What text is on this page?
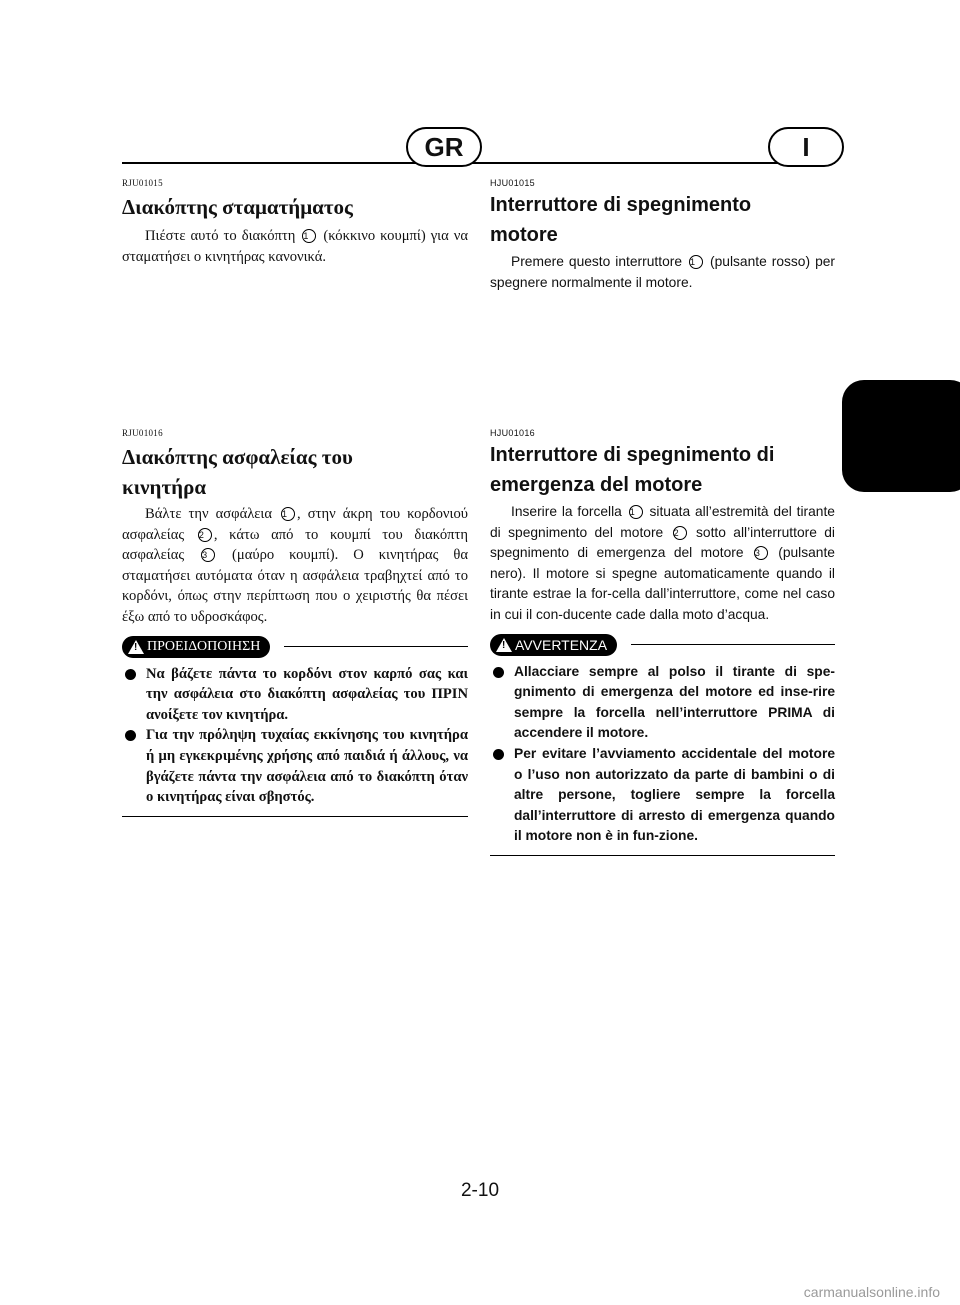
GR	I
RJU01015
Διακόπτης σταματήματος

Πιέστε αυτό το διακόπτη 1 (κόκκινο κουμπί) για να σταματήσει ο κινητήρας κανονικά.

HJU01015
Interruttore di spegnimento
motore

Premere questo interruttore 1 (pulsante rosso) per spegnere normalmente il motore.

RJU01016
Διακόπτης ασφαλείας του
κινητήρα

Βάλτε την ασφάλεια 1 , στην άκρη του κορδονιού ασφαλείας 2 , κάτω από το κουμπί του διακόπτη ασφαλείας 3 (μαύρο κουμπί). Ο κινητήρας θα σταματήσει αυτόματα όταν η ασφάλεια τραβηχτεί από το κορδόνι, όπως στην περίπτωση που ο χειριστής θα πέσει έξω από το υδροσκάφος.

! ΠΡΟΕΙΔΟΠΟΙΗΣΗ
Να βάζετε πάντα το κορδόνι στον καρπό σας και την ασφάλεια στο διακόπτη ασφαλείας του ΠΡΙΝ ανοίξετε τον κινητήρα.
Για την πρόληψη τυχαίας εκκίνησης του κινητήρα ή μη εγκεκριμένης χρήσης από παιδιά ή άλλους, να βγάζετε πάντα την ασφάλεια από το διακόπτη όταν ο κινητήρας είναι σβηστός.
HJU01016
Interruttore di spegnimento di
emergenza del motore

Inserire la forcella 1 situata all’estremità del tirante di spegnimento del motore 2 sotto all’interruttore di spegnimento di emergenza del motore 3 (pulsante nero). Il motore si spegne automaticamente quando il tirante estrae la for-cella dall’interruttore, come nel caso in cui il con-ducente cade dalla moto d’acqua.

! AVVERTENZA
Allacciare sempre al polso il tirante di spe-gnimento di emergenza del motore ed inse-rire sempre la forcella nell’interruttore PRIMA di accendere il motore.
Per evitare l’avviamento accidentale del motore o l’uso non autorizzato da parte di bambini o di altre persone, togliere sempre la forcella dall’interruttore di arresto di emergenza quando il motore non è in fun-zione.
2-10
carmanualsonline.info
